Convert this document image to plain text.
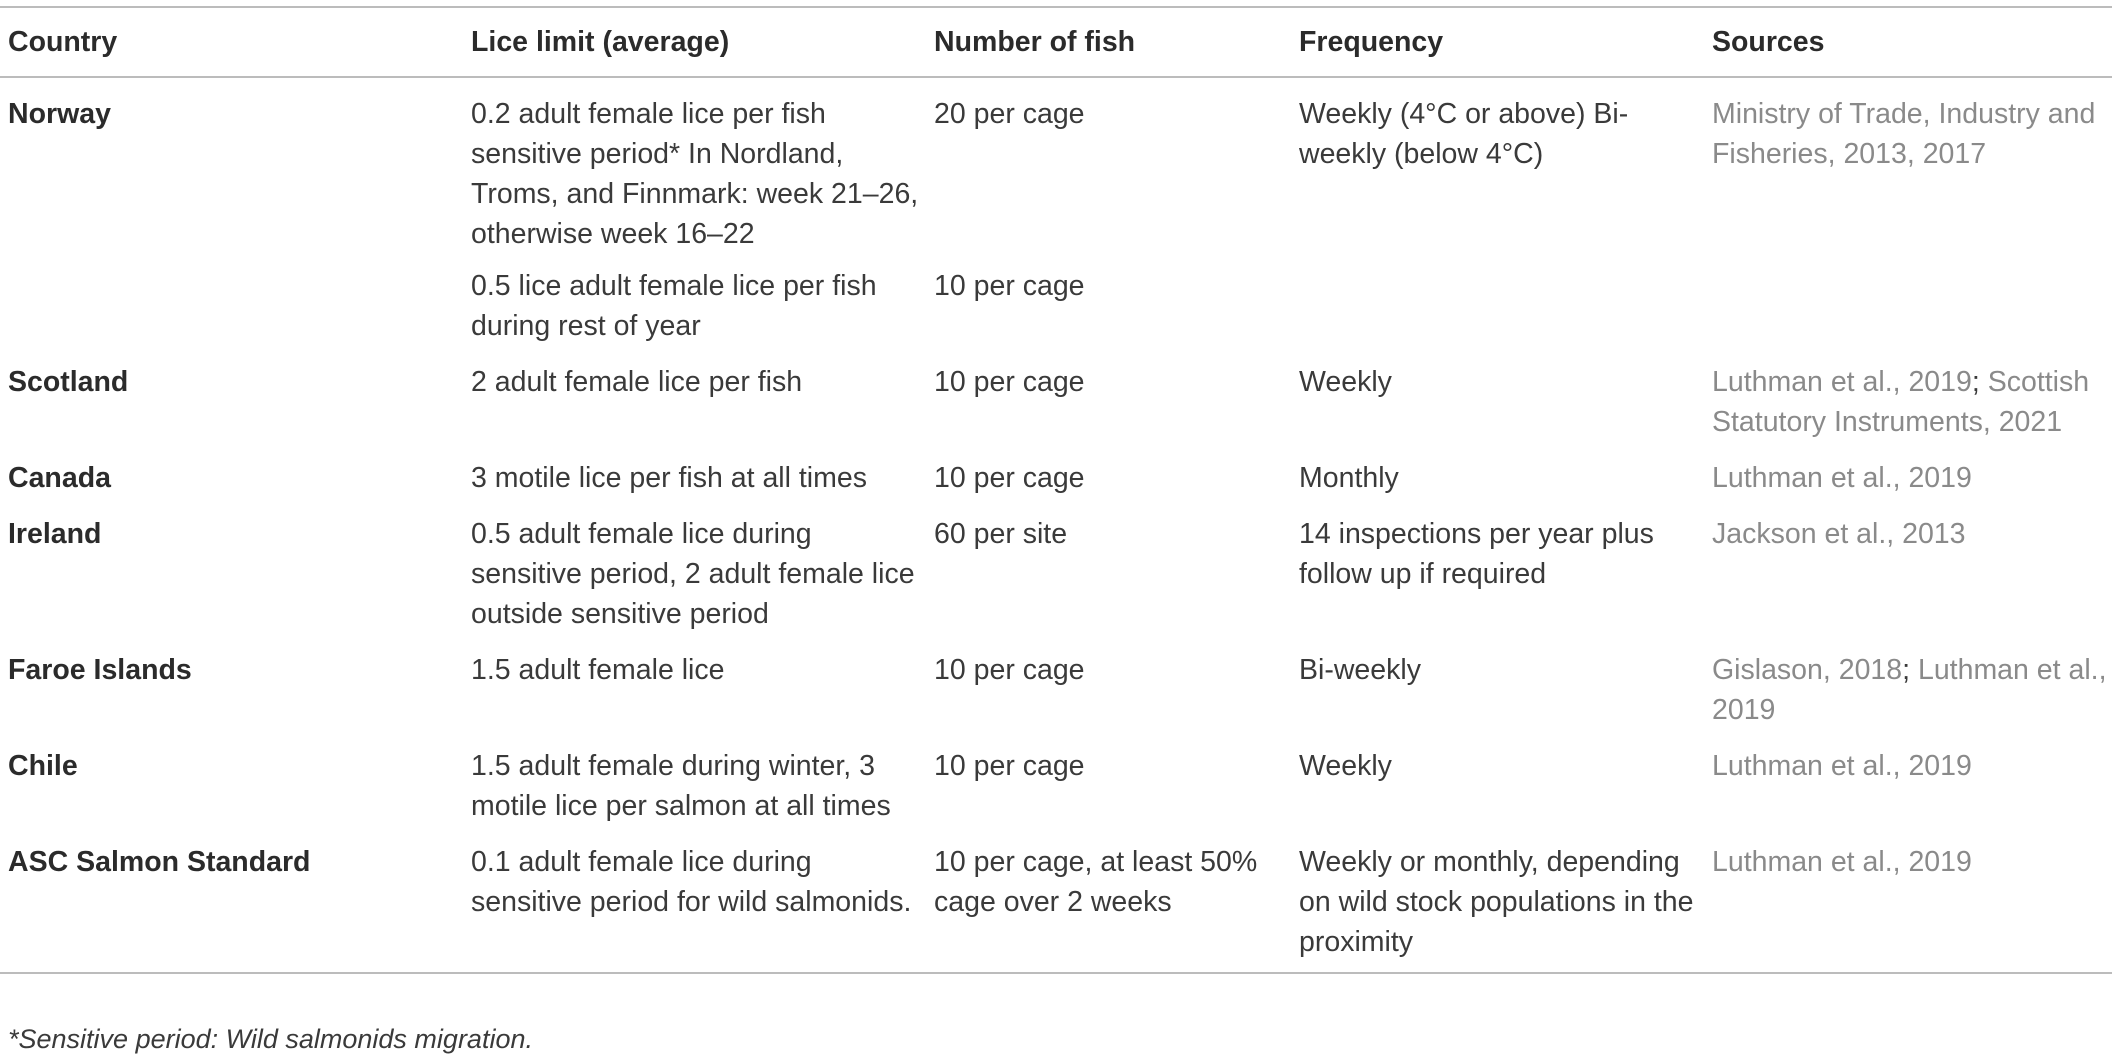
Country	Lice limit (average)	Number of fish	Frequency	Sources
Norway	0.2 adult female lice per fish sensitive period* In Nordland, Troms, and Finnmark: week 21–26, otherwise week 16–22	20 per cage	Weekly (4°C or above) Bi-weekly (below 4°C)	Ministry of Trade, Industry and Fisheries, 2013, 2017
	0.5 lice adult female lice per fish during rest of year	10 per cage		
Scotland	2 adult female lice per fish	10 per cage	Weekly	Luthman et al., 2019; Scottish Statutory Instruments, 2021
Canada	3 motile lice per fish at all times	10 per cage	Monthly	Luthman et al., 2019
Ireland	0.5 adult female lice during sensitive period, 2 adult female lice outside sensitive period	60 per site	14 inspections per year plus follow up if required	Jackson et al., 2013
Faroe Islands	1.5 adult female lice	10 per cage	Bi-weekly	Gislason, 2018; Luthman et al., 2019
Chile	1.5 adult female during winter, 3 motile lice per salmon at all times	10 per cage	Weekly	Luthman et al., 2019
ASC Salmon Standard	0.1 adult female lice during sensitive period for wild salmonids.	10 per cage, at least 50% cage over 2 weeks	Weekly or monthly, depending on wild stock populations in the proximity	Luthman et al., 2019
*Sensitive period: Wild salmonids migration.
